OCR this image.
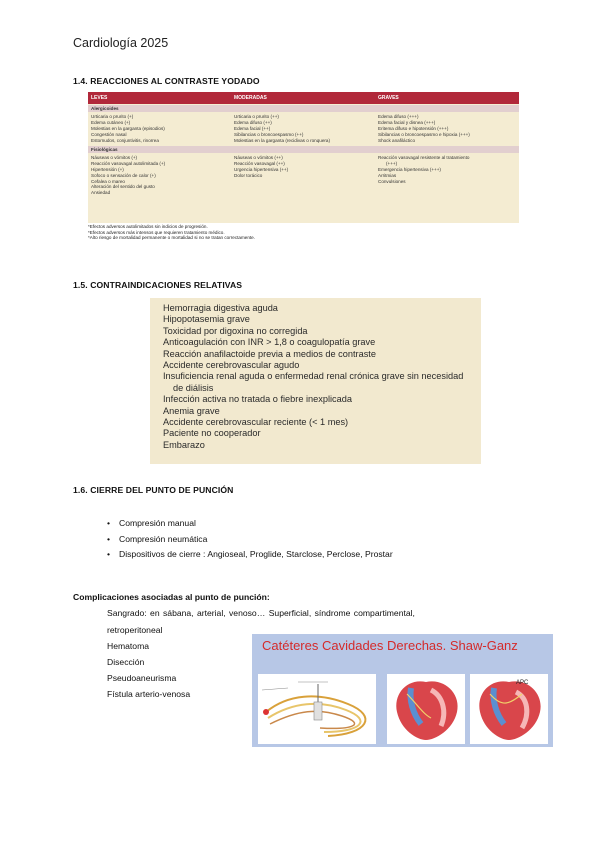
Cardiología 2025
1.4. REACCIONES AL CONTRASTE YODADO
LEVES	MODERADAS	GRAVES
Alergicoides
Urticaria o prurito (+)
Edema cutáneo (+)
Molestias en la garganta (episodios)
Congestión nasal
Estornudos, conjuntivitis, rinorrea
Urticaria o prurito (++)
Edema difuso (++)
Edema facial (++)
Sibilancias o broncoespasmo (++)
Molestias en la garganta (recidivas o ronquera)
Edema difuso (+++)
Edema facial y disnea (+++)
Eritema difuso e hipotensión (+++)
Sibilancias o broncoespasmo e hipoxia (+++)
Shock anafiláctico
Fisiológicas
Náuseas o vómitos (+)
Reacción vasovagal autolimitada (+)
Hipertensión (+)
Sofoco o sensación de calor (+)
Cefalea o mareo
Alteración del sentido del gusto
Ansiedad
Náuseas o vómitos (++)
Reacción vasovagal (++)
Urgencia hipertensiva (++)
Dolor torácico
Reacción vasovagal resistente al tratamiento
(+++)
Emergencia hipertensiva (+++)
Arritmias
Convulsiones
*Efectos adversos autolimitados sin indicios de progresión.
*Efectos adversos más intensos que requieren tratamiento médico.
*Alto riesgo de mortalidad permanente o mortalidad si no se tratan correctamente.
1.5. CONTRAINDICACIONES RELATIVAS
Hemorragia digestiva aguda
Hipopotasemia grave
Toxicidad por digoxina no corregida
Anticoagulación con INR > 1,8 o coagulopatía grave
Reacción anafilactoide previa a medios de contraste
Accidente cerebrovascular agudo
Insuficiencia renal aguda o enfermedad renal crónica grave sin necesidad
de diálisis
Infección activa no tratada o fiebre inexplicada
Anemia grave
Accidente cerebrovascular reciente (< 1 mes)
Paciente no cooperador
Embarazo
1.6. CIERRE DEL PUNTO DE PUNCIÓN
• Compresión manual
• Compresión neumática
• Dispositivos de cierre : Angioseal, Proglide, Starclose, Perclose, Prostar
Complicaciones asociadas al punto de punción:
Sangrado: en sábana, arterial, venoso… Superficial, síndrome compartimental,
retroperitoneal
Hematoma
Disección
Pseudoaneurisma
Fístula arterio-venosa
Catéteres Cavidades Derechas. Shaw-Ganz
APC
